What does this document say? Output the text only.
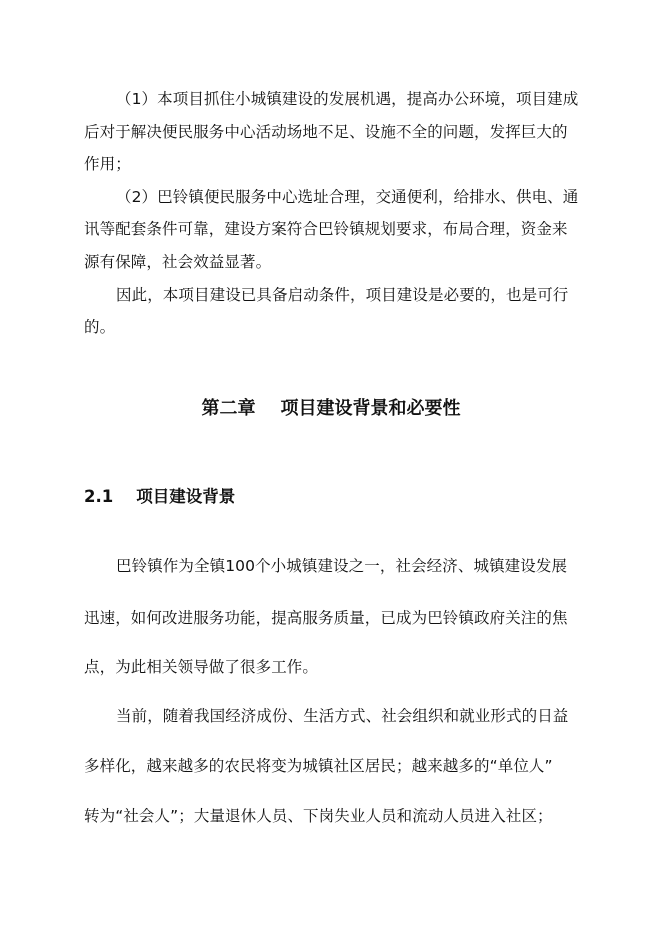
（1）本项目抓住小城镇建设的发展机遇，提高办公环境，项目建成
后对于解决便民服务中心活动场地不足、设施不全的问题，发挥巨大的
作用；
（2）巴铃镇便民服务中心选址合理，交通便利，给排水、供电、通
讯等配套条件可靠，建设方案符合巴铃镇规划要求，布局合理，资金来
源有保障，社会效益显著。
因此，本项目建设已具备启动条件，项目建设是必要的，也是可行
的。
第二章    项目建设背景和必要性
2.1    项目建设背景
巴铃镇作为全镇100个小城镇建设之一，社会经济、城镇建设发展
迅速，如何改进服务功能，提高服务质量，已成为巴铃镇政府关注的焦
点，为此相关领导做了很多工作。
当前，随着我国经济成份、生活方式、社会组织和就业形式的日益
多样化，越来越多的农民将变为城镇社区居民；越来越多的“单位人”
转为“社会人”；大量退休人员、下岗失业人员和流动人员进入社区；
